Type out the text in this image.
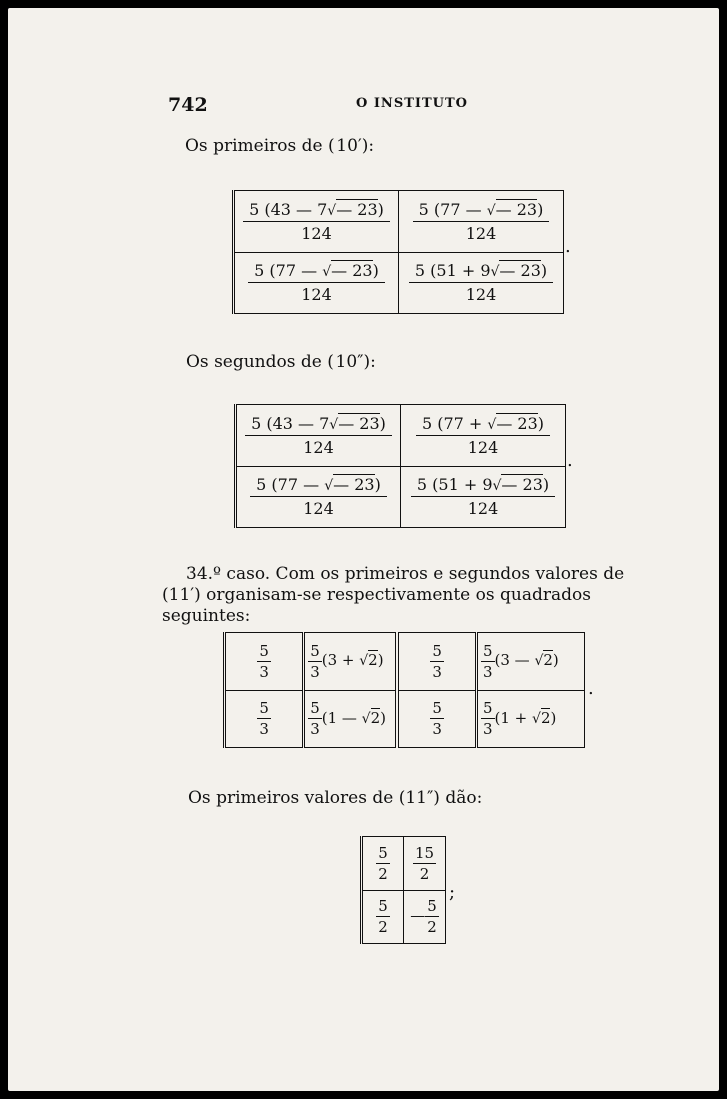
742	O INSTITUTO
Os primeiros de ( 10′):
$\frac{5 (43 — 7√— 23)}{124}$	$\frac{5 (77 — √— 23)}{124}$

$\frac{5 (77 — √— 23)}{124}$	$\frac{5 (51 + 9√— 23)}{124}$
.
Os segundos de ( 10″):
$\frac{5 (43 — 7√— 23)}{124}$	$\frac{5 (77 + √— 23)}{124}$

$\frac{5 (77 — √— 23)}{124}$	$\frac{5 (51 + 9√— 23)}{124}$
.
34.º caso. Com os primeiros e segundos valores de (11′) organisam-se respectivamente os quadrados seguintes:
$\frac{5}{3}$	$\frac{5}{3} (3 + √2)$	$\frac{5}{3}$	$\frac{5}{3} (3$ — √2)

$\frac{5}{3}$	$\frac{5}{3} (1$ — √2)	$\frac{5}{3}$	$\frac{5}{3} (1 + √2)$
.
Os primeiros valores de (11″) dão:
$\frac{5}{2}$	$\frac{15}{2}$

$\frac{5}{2}$	— $\frac{5}{2}$
;
